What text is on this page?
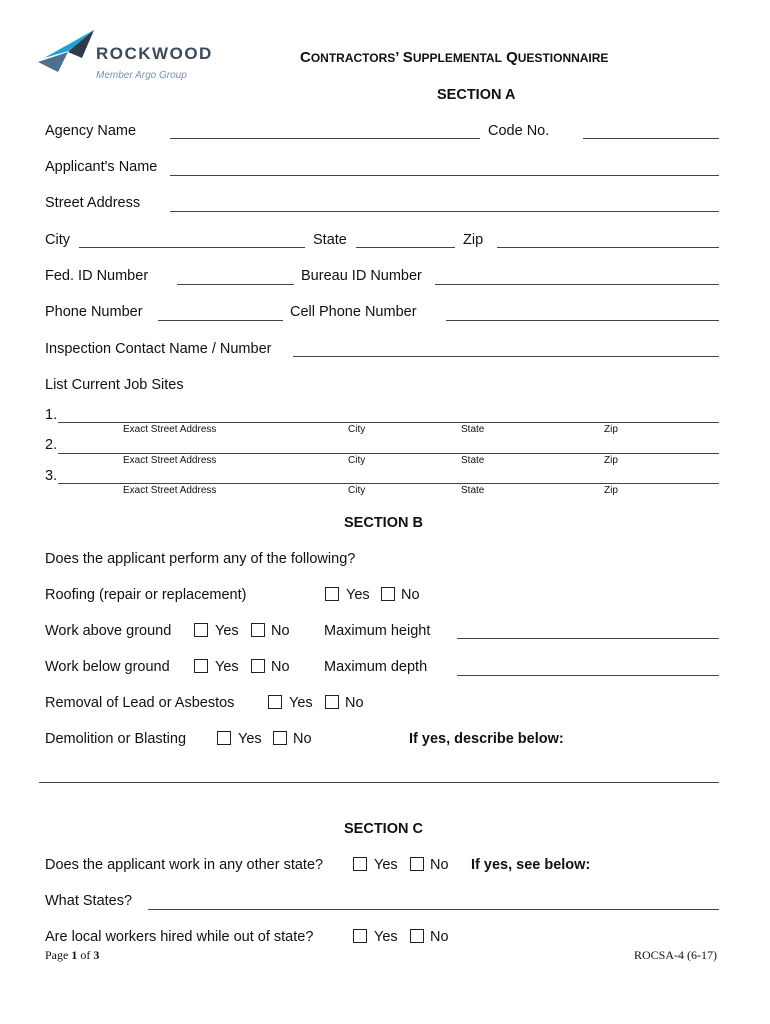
ROCKWOOD
Member Argo Group
CONTRACTORS’ SUPPLEMENTAL QUESTIONNAIRE
SECTION A
Agency Name	Code No.
Applicant's Name
Street Address
City	State	Zip
Fed. ID Number	Bureau ID Number
Phone Number	Cell Phone Number
Inspection Contact Name / Number
List Current Job Sites
1.
Exact Street Address	City	State	Zip
2.
Exact Street Address	City	State	Zip
3.
Exact Street Address	City	State	Zip
SECTION B
Does the applicant perform any of the following?
Roofing (repair or replacement)	Yes No
Work above ground	Yes No Maximum height
Work below ground	Yes No Maximum depth
Removal of Lead or Asbestos	Yes No
Demolition or Blasting	Yes No	If yes, describe below:
SECTION C
Does the applicant work in any other state?	Yes No If yes, see below:
What States?
Are local workers hired while out of state?	Yes No
Page 1 of 3	ROCSA-4 (6-17)
